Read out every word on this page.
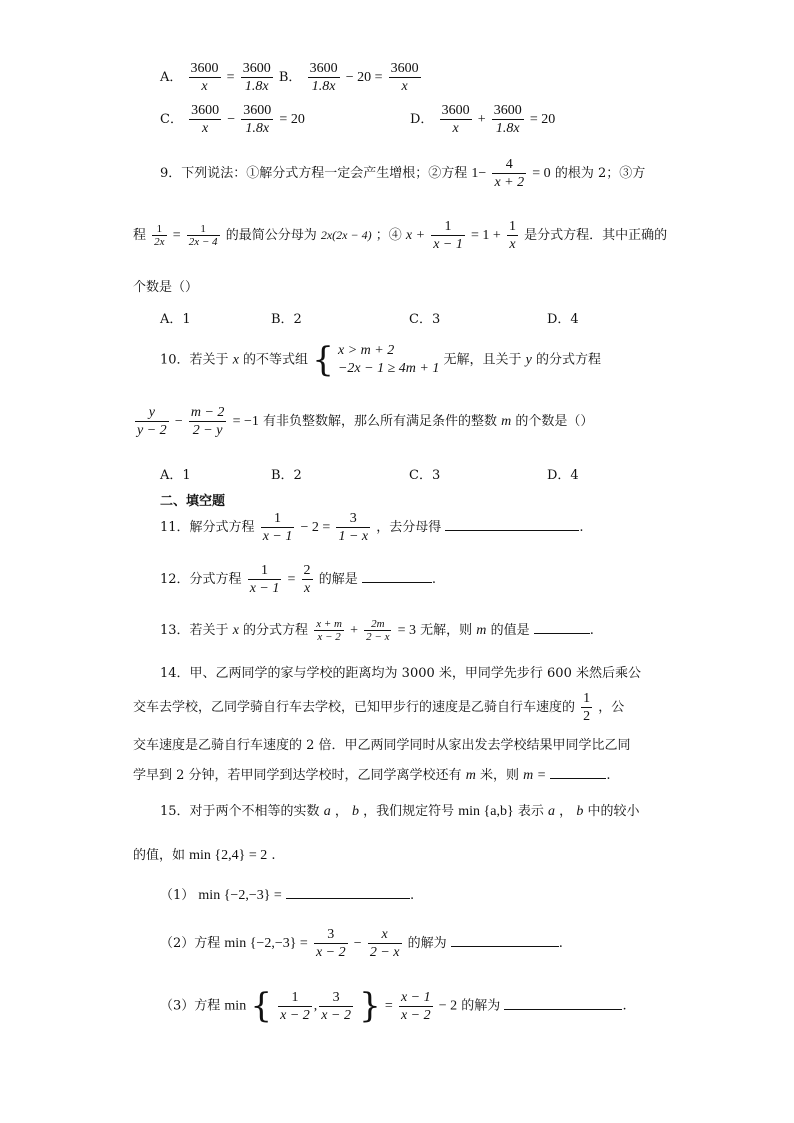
A． $\frac{3600}{x} = \frac{3600}{1.8x}$ B． $\frac{3600}{1.8x} - 20 = \frac{3600}{x}$
C． $\frac{3600}{x} - \frac{3600}{1.8x} = 20$	D． $\frac{3600}{x} + \frac{3600}{1.8x} = 20$
9．下列说法：①解分式方程一定会产生增根；②方程 $1- \frac{4}{x + 2} = 0$ 的根为 2；③方
程 $\frac{1}{2x} = \frac{1}{2x - 4}$ 的最简公分母为 2x(2x − 4) ；④ $x + \frac{1}{x - 1} = 1 + \frac{1}{x}$ 是分式方程．其中正确的
个数是（）
A．1	B．2	C．3	D．4
10．若关于 x 的不等式组 { x > m + 2
−2x − 1 ≥ 4m + 1
无解，且关于 y 的分式方程
$\frac{y}{y - 2} - \frac{m - 2}{2 - y} = -1$ 有非负整数解，那么所有满足条件的整数 m 的个数是（）
A．1	B．2	C．3	D．4
二、填空题
11．解分式方程 $\frac{1}{x - 1} - 2 = \frac{3}{1 - x}$ ，去分母得	.
12．分式方程 $\frac{1}{x - 1} = \frac{2}{x}$ 的解是	.
13．若关于 x 的分式方程 $\frac{x + m}{x - 2} + \frac{2m}{2 - x} = 3$ 无解，则 m 的值是	.
14．甲、乙两同学的家与学校的距离均为 3000 米，甲同学先步行 600 米然后乘公
交车去学校，乙同学骑自行车去学校，已知甲步行的速度是乙骑自行车速度的 $\frac{1}{2}$ ，公
交车速度是乙骑自行车速度的 2 倍．甲乙两同学同时从家出发去学校结果甲同学比乙同
学早到 2 分钟，若甲同学到达学校时，乙同学离学校还有 m 米，则 m =	.
15．对于两个不相等的实数 a ， b ，我们规定符号 min {a,b} 表示 a ， b 中的较小
的值，如 min {2,4} = 2 .
（1） min {−2,−3} =	.
（2）方程 $\min \{-2,-3\} = \frac{3}{x - 2} - \frac{x}{2 - x}$ 的解为	.
（3）方程 min { $\frac{1}{x - 2}$ , $\frac{3}{x - 2}$ } = $\frac{x - 1}{x - 2} - 2$ 的解为	.
